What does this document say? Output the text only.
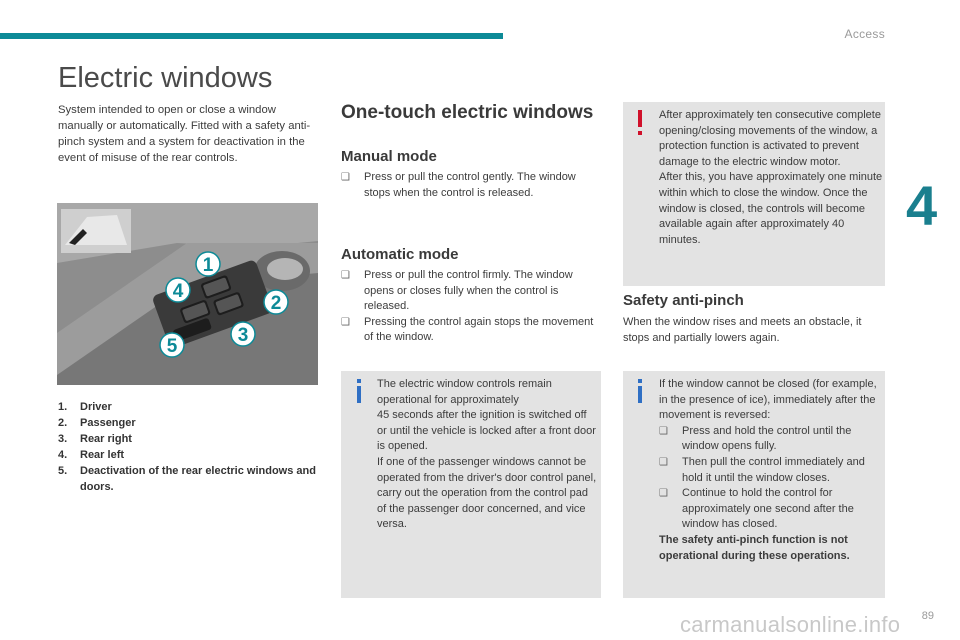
Access
4
Electric windows

System intended to open or close a window manually or automatically. Fitted with a safety anti-pinch system and a system for deactivation in the event of misuse of the rear controls.

1
2
3
4
5
1.	Driver
2.	Passenger
3.	Rear right
4.	Rear left
5.	Deactivation of the rear electric windows and doors.
One-touch electric windows
Manual mode
❑ Press or pull the control gently. The window stops when the control is released.
Automatic mode
❑ Press or pull the control firmly. The window opens or closes fully when the control is released.
❑ Pressing the control again stops the movement of the window.
The electric window controls remain operational for approximately
45 seconds after the ignition is switched off or until the vehicle is locked after a front door is opened.
If one of the passenger windows cannot be operated from the driver's door control panel, carry out the operation from the control pad of the passenger door concerned, and vice versa.
After approximately ten consecutive complete opening/closing movements of the window, a protection function is activated to prevent damage to the electric window motor.
After this, you have approximately one minute within which to close the window. Once the window is closed, the controls will become available again after approximately 40 minutes.
Safety anti-pinch

When the window rises and meets an obstacle, it stops and partially lowers again.

If the window cannot be closed (for example, in the presence of ice), immediately after the movement is reversed:
❑ Press and hold the control until the window opens fully.
❑ Then pull the control immediately and hold it until the window closes.
❑ Continue to hold the control for approximately one second after the window has closed.
The safety anti-pinch function is not operational during these operations.
carmanualsonline.info 89
